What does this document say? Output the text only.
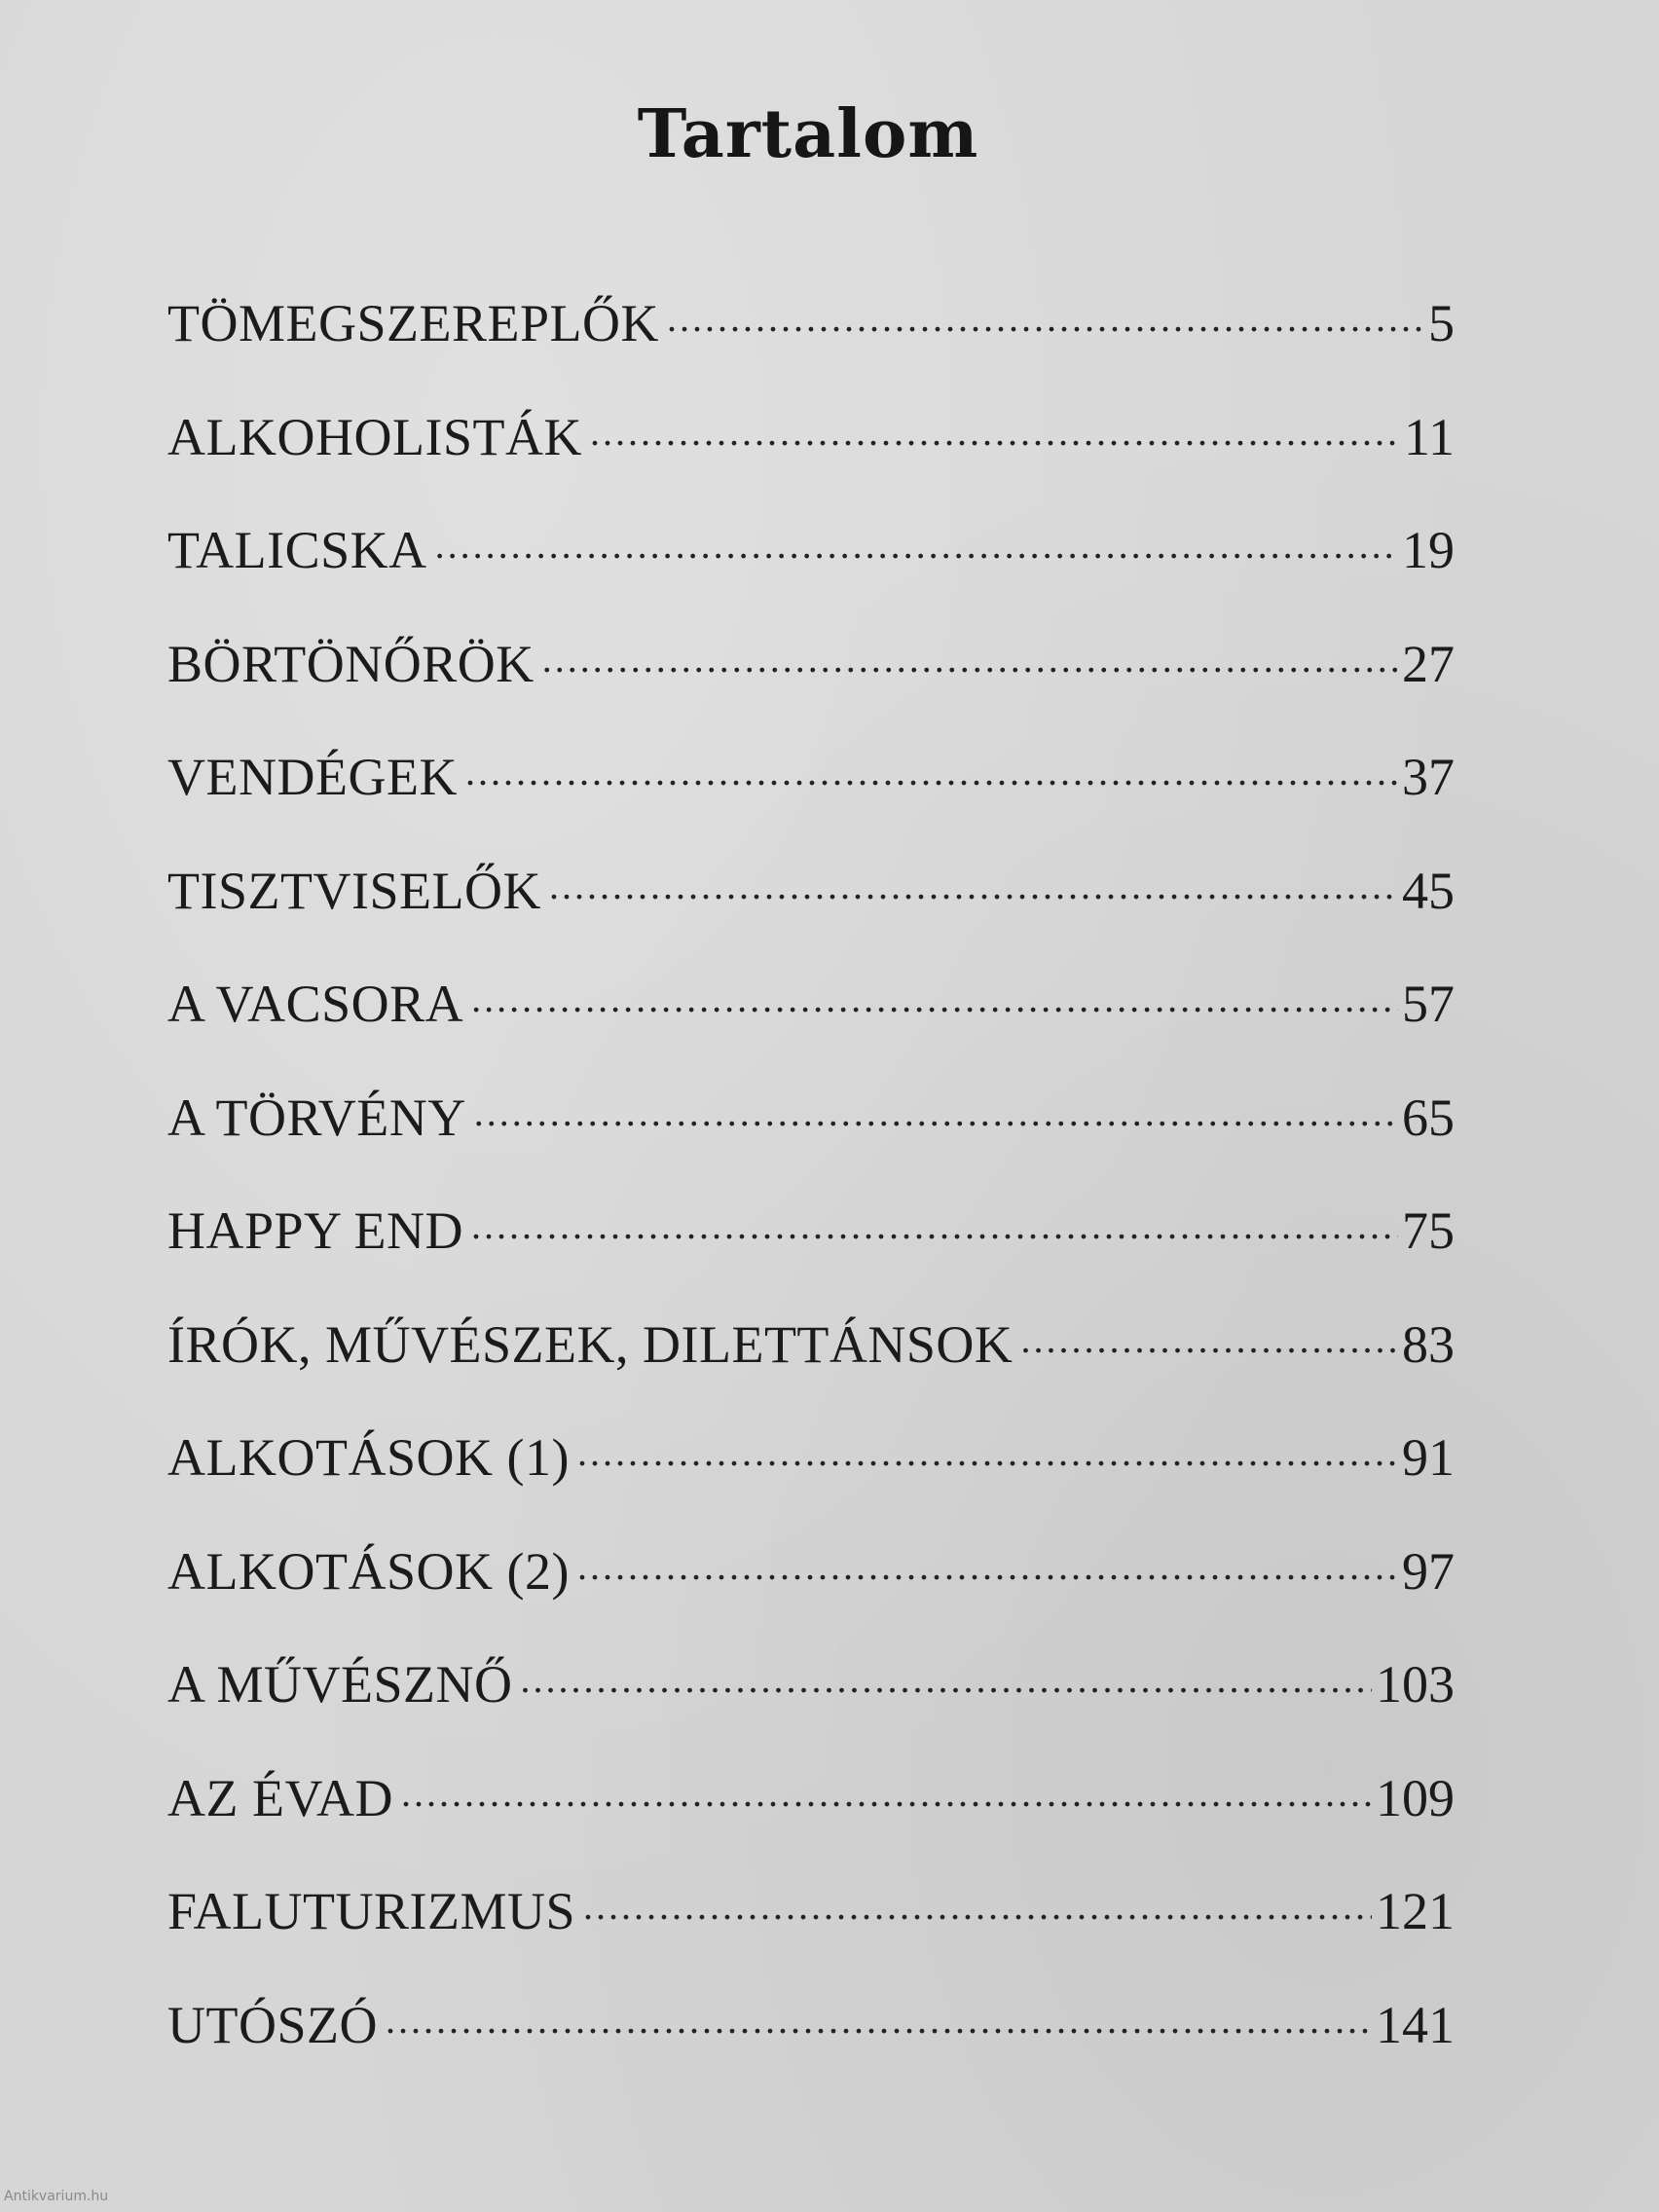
Tartalom
TÖMEGSZEREPLŐK .....	5
ALKOHOLISTÁK .....	11
TALICSKA .....	19
BÖRTÖNŐRÖK .....	27
VENDÉGEK .....	37
TISZTVISELŐK .....	45
A VACSORA .....	57
A TÖRVÉNY .....	65
HAPPY END .....	75
ÍRÓK, MŰVÉSZEK, DILETTÁNSOK .....	83
ALKOTÁSOK (1) .....	91
ALKOTÁSOK (2) .....	97
A MŰVÉSZNŐ .....	103
AZ ÉVAD .....	109
FALUTURIZMUS .....	121
UTÓSZÓ .....	141
Antikvarium.hu
